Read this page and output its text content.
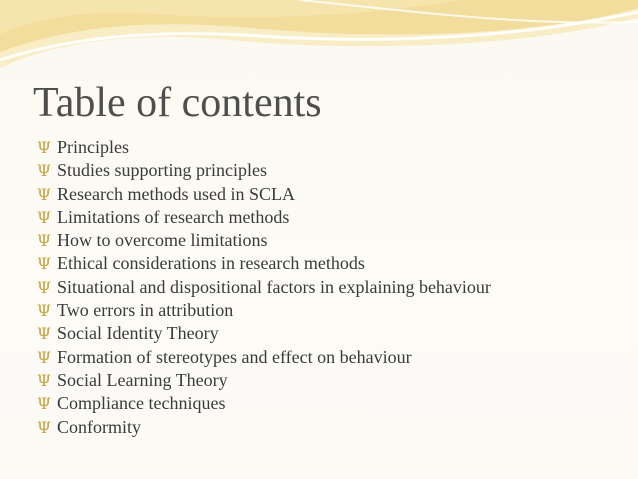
Table of contents
Ψ Principles
Ψ Studies supporting principles
Ψ Research methods used in SCLA
Ψ Limitations of research methods
Ψ How to overcome limitations
Ψ Ethical considerations in research methods
Ψ Situational and dispositional factors in explaining behaviour
Ψ Two errors in attribution
Ψ Social Identity Theory
Ψ Formation of stereotypes and effect on behaviour
Ψ Social Learning Theory
Ψ Compliance techniques
Ψ Conformity
